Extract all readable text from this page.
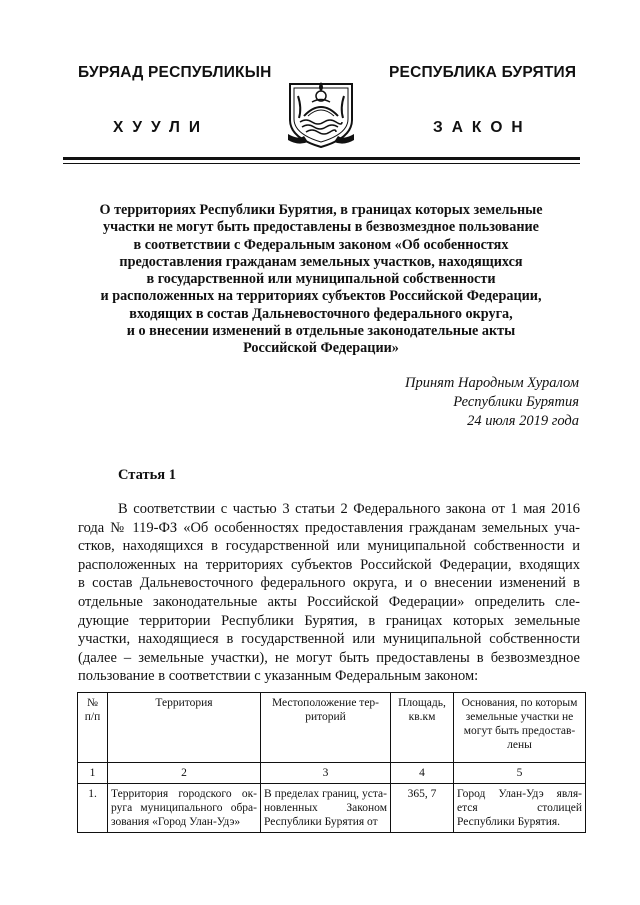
БУРЯАД РЕСПУБЛИКЫН	РЕСПУБЛИКА БУРЯТИЯ
ХУУЛИ	ЗАКОН
О территориях Республики Бурятия, в границах которых земельные
участки не могут быть предоставлены в безвозмездное пользование
в соответствии с Федеральным законом «Об особенностях
предоставления гражданам земельных участков, находящихся
в государственной или муниципальной собственности
и расположенных на территориях субъектов Российской Федерации,
входящих в состав Дальневосточного федерального округа,
и о внесении изменений в отдельные законодательные акты
Российской Федерации»
Принят Народным Хуралом
Республики Бурятия
24 июля 2019 года
Статья 1
В соответствии с частью 3 статьи 2 Федерального закона от 1 мая 2016
года № 119-ФЗ «Об особенностях предоставления гражданам земельных уча-
стков, находящихся в государственной или муниципальной собственности и
расположенных на территориях субъектов Российской Федерации, входящих
в состав Дальневосточного федерального округа, и о внесении изменений в
отдельные законодательные акты Российской Федерации» определить сле-
дующие территории Республики Бурятия, в границах которых земельные
участки, находящиеся в государственной или муниципальной собственности
(далее – земельные участки), не могут быть предоставлены в безвозмездное
пользование в соответствии с указанным Федеральным законом:
№ п/п	Территория	Местоположение тер-риторий	Площадь, кв.км	Основания, по которым земельные участки не могут быть предостав-лены
1	2	3	4	5
1.	Территория городского ок-руга муниципального обра-зования «Город Улан-Удэ»	В пределах границ, уста-новленных Законом Республики Бурятия от	365, 7	Город Улан-Удэ явля-ется столицей Республики Бурятия.
